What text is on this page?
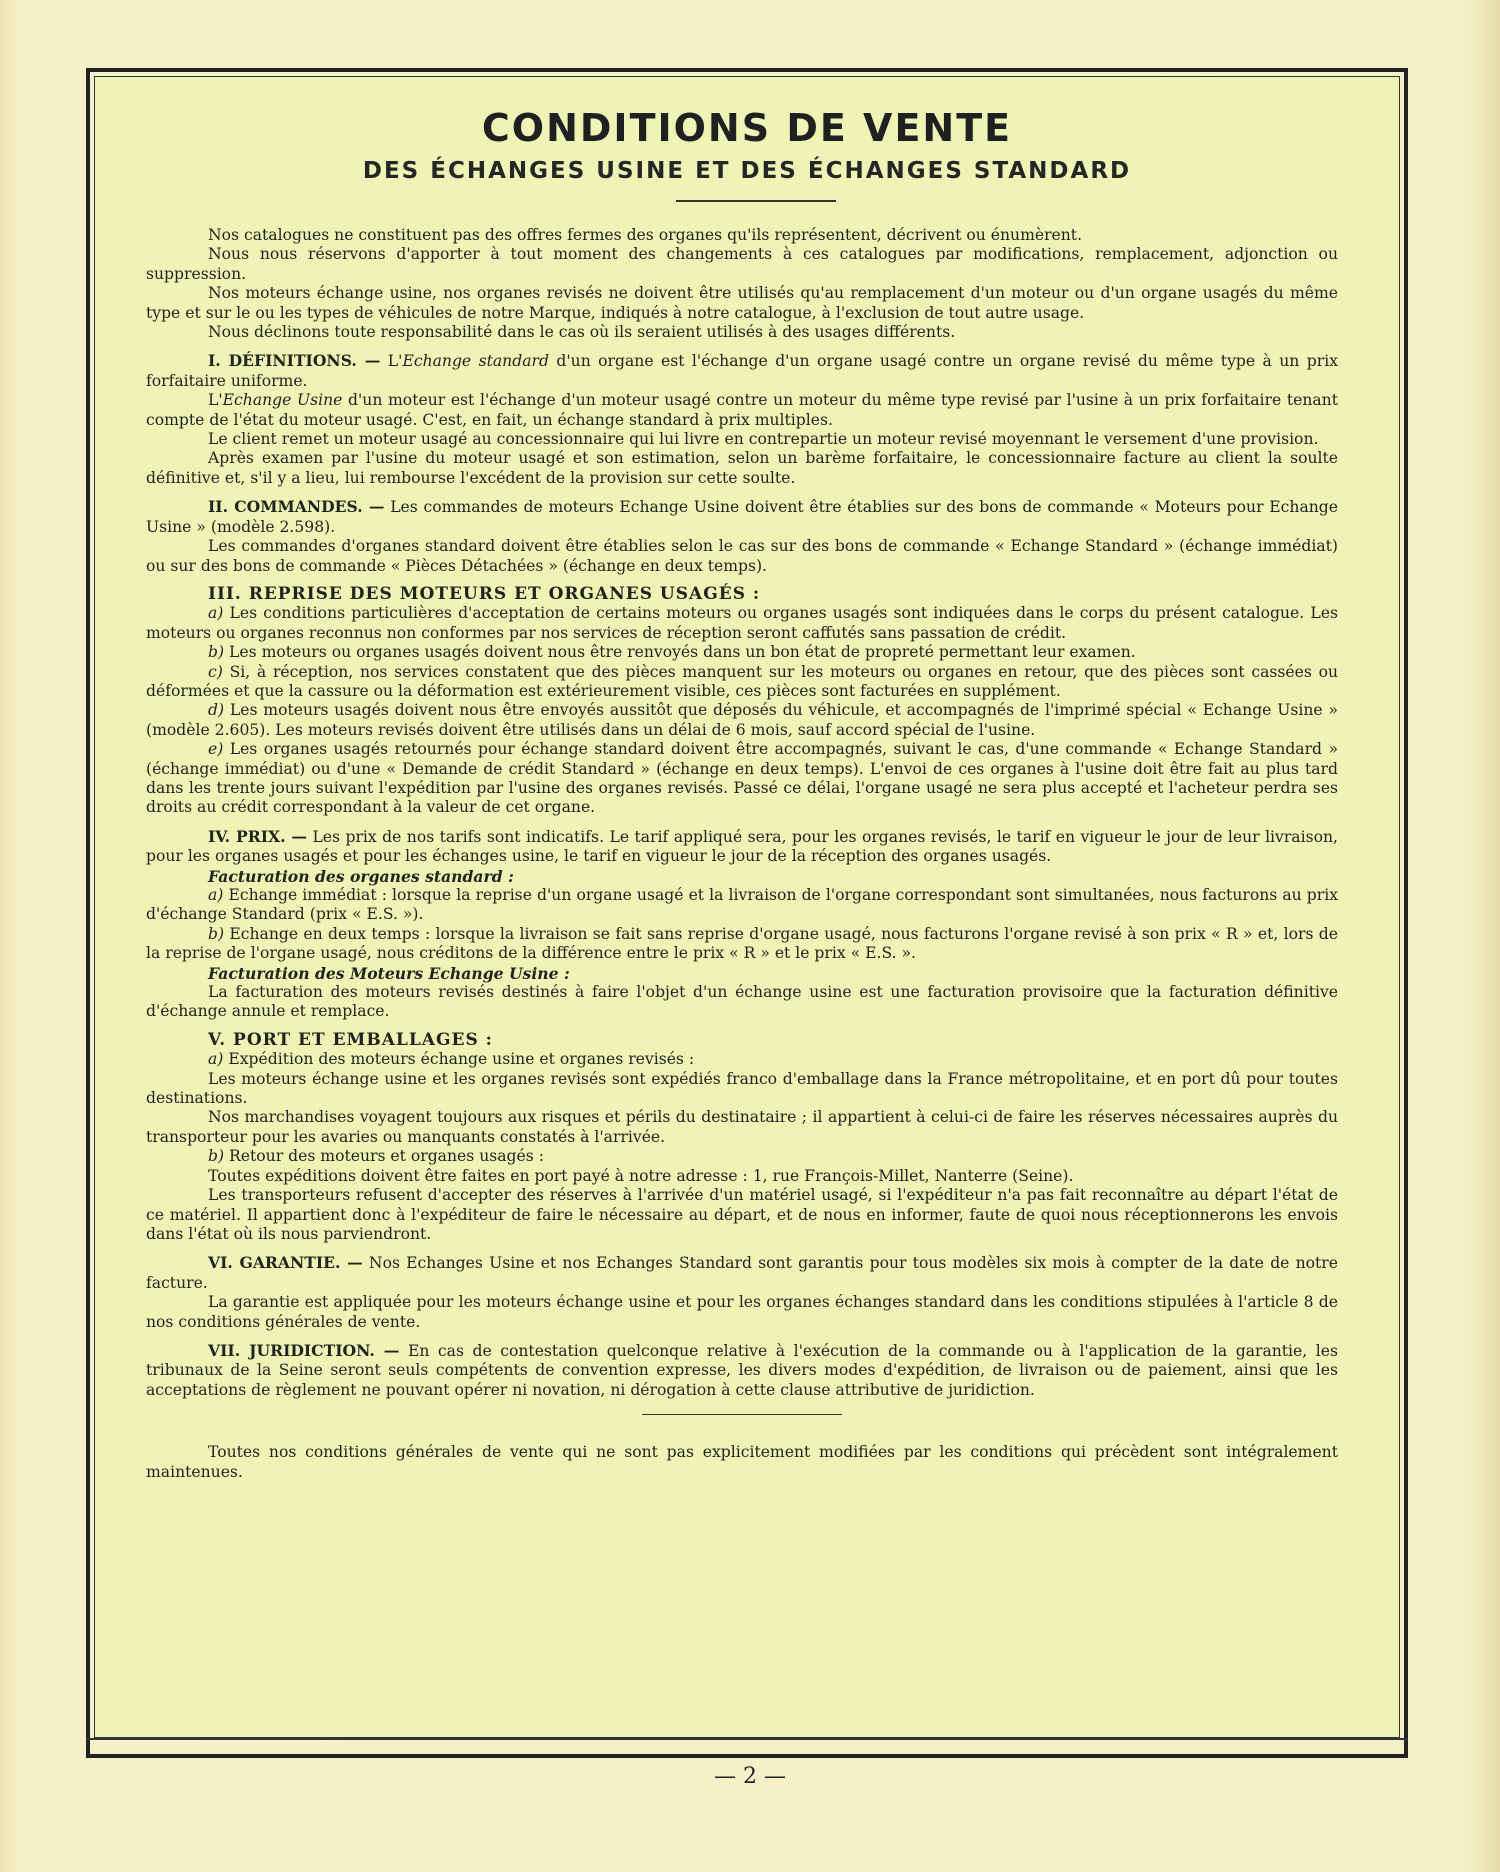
CONDITIONS DE VENTE
DES ÉCHANGES USINE ET DES ÉCHANGES STANDARD

Nos catalogues ne constituent pas des offres fermes des organes qu'ils représentent, décrivent ou énumèrent.

Nous nous réservons d'apporter à tout moment des changements à ces catalogues par modifications, remplacement, adjonction ou suppression.

Nos moteurs échange usine, nos organes revisés ne doivent être utilisés qu'au remplacement d'un moteur ou d'un organe usagés du même type et sur le ou les types de véhicules de notre Marque, indiqués à notre catalogue, à l'exclusion de tout autre usage.

Nous déclinons toute responsabilité dans le cas où ils seraient utilisés à des usages différents.

I. DÉFINITIONS. — L'Echange standard d'un organe est l'échange d'un organe usagé contre un organe revisé du même type à un prix forfaitaire uniforme.

L'Echange Usine d'un moteur est l'échange d'un moteur usagé contre un moteur du même type revisé par l'usine à un prix forfaitaire tenant compte de l'état du moteur usagé. C'est, en fait, un échange standard à prix multiples.

Le client remet un moteur usagé au concessionnaire qui lui livre en contrepartie un moteur revisé moyennant le versement d'une provision.

Après examen par l'usine du moteur usagé et son estimation, selon un barème forfaitaire, le concessionnaire facture au client la soulte définitive et, s'il y a lieu, lui rembourse l'excédent de la provision sur cette soulte.

II. COMMANDES. — Les commandes de moteurs Echange Usine doivent être établies sur des bons de commande « Moteurs pour Echange Usine » (modèle 2.598).

Les commandes d'organes standard doivent être établies selon le cas sur des bons de commande « Echange Standard » (échange immédiat) ou sur des bons de commande « Pièces Détachées » (échange en deux temps).

III. REPRISE DES MOTEURS ET ORGANES USAGÉS :

a) Les conditions particulières d'acceptation de certains moteurs ou organes usagés sont indiquées dans le corps du présent catalogue. Les moteurs ou organes reconnus non conformes par nos services de réception seront caffutés sans passation de crédit.

b) Les moteurs ou organes usagés doivent nous être renvoyés dans un bon état de propreté permettant leur examen.

c) Si, à réception, nos services constatent que des pièces manquent sur les moteurs ou organes en retour, que des pièces sont cassées ou déformées et que la cassure ou la déformation est extérieurement visible, ces pièces sont facturées en supplément.

d) Les moteurs usagés doivent nous être envoyés aussitôt que déposés du véhicule, et accompagnés de l'imprimé spécial « Echange Usine » (modèle 2.605). Les moteurs revisés doivent être utilisés dans un délai de 6 mois, sauf accord spécial de l'usine.

e) Les organes usagés retournés pour échange standard doivent être accompagnés, suivant le cas, d'une commande « Echange Standard » (échange immédiat) ou d'une « Demande de crédit Standard » (échange en deux temps). L'envoi de ces organes à l'usine doit être fait au plus tard dans les trente jours suivant l'expédition par l'usine des organes revisés. Passé ce délai, l'organe usagé ne sera plus accepté et l'acheteur perdra ses droits au crédit correspondant à la valeur de cet organe.

IV. PRIX. — Les prix de nos tarifs sont indicatifs. Le tarif appliqué sera, pour les organes revisés, le tarif en vigueur le jour de leur livraison, pour les organes usagés et pour les échanges usine, le tarif en vigueur le jour de la réception des organes usagés.

Facturation des organes standard :

a) Echange immédiat : lorsque la reprise d'un organe usagé et la livraison de l'organe correspondant sont simultanées, nous facturons au prix d'échange Standard (prix « E.S. »).

b) Echange en deux temps : lorsque la livraison se fait sans reprise d'organe usagé, nous facturons l'organe revisé à son prix « R » et, lors de la reprise de l'organe usagé, nous créditons de la différence entre le prix « R » et le prix « E.S. ».

Facturation des Moteurs Echange Usine :

La facturation des moteurs revisés destinés à faire l'objet d'un échange usine est une facturation provisoire que la facturation définitive d'échange annule et remplace.

V. PORT ET EMBALLAGES :

a) Expédition des moteurs échange usine et organes revisés :

Les moteurs échange usine et les organes revisés sont expédiés franco d'emballage dans la France métropolitaine, et en port dû pour toutes destinations.

Nos marchandises voyagent toujours aux risques et périls du destinataire ; il appartient à celui-ci de faire les réserves nécessaires auprès du transporteur pour les avaries ou manquants constatés à l'arrivée.

b) Retour des moteurs et organes usagés :

Toutes expéditions doivent être faites en port payé à notre adresse : 1, rue François-Millet, Nanterre (Seine).

Les transporteurs refusent d'accepter des réserves à l'arrivée d'un matériel usagé, si l'expéditeur n'a pas fait reconnaître au départ l'état de ce matériel. Il appartient donc à l'expéditeur de faire le nécessaire au départ, et de nous en informer, faute de quoi nous réceptionnerons les envois dans l'état où ils nous parviendront.

VI. GARANTIE. — Nos Echanges Usine et nos Echanges Standard sont garantis pour tous modèles six mois à compter de la date de notre facture.

La garantie est appliquée pour les moteurs échange usine et pour les organes échanges standard dans les conditions stipulées à l'article 8 de nos conditions générales de vente.

VII. JURIDICTION. — En cas de contestation quelconque relative à l'exécution de la commande ou à l'application de la garantie, les tribunaux de la Seine seront seuls compétents de convention expresse, les divers modes d'expédition, de livraison ou de paiement, ainsi que les acceptations de règlement ne pouvant opérer ni novation, ni dérogation à cette clause attributive de juridiction.

Toutes nos conditions générales de vente qui ne sont pas explicitement modifiées par les conditions qui précèdent sont intégralement maintenues.

— 2 —
